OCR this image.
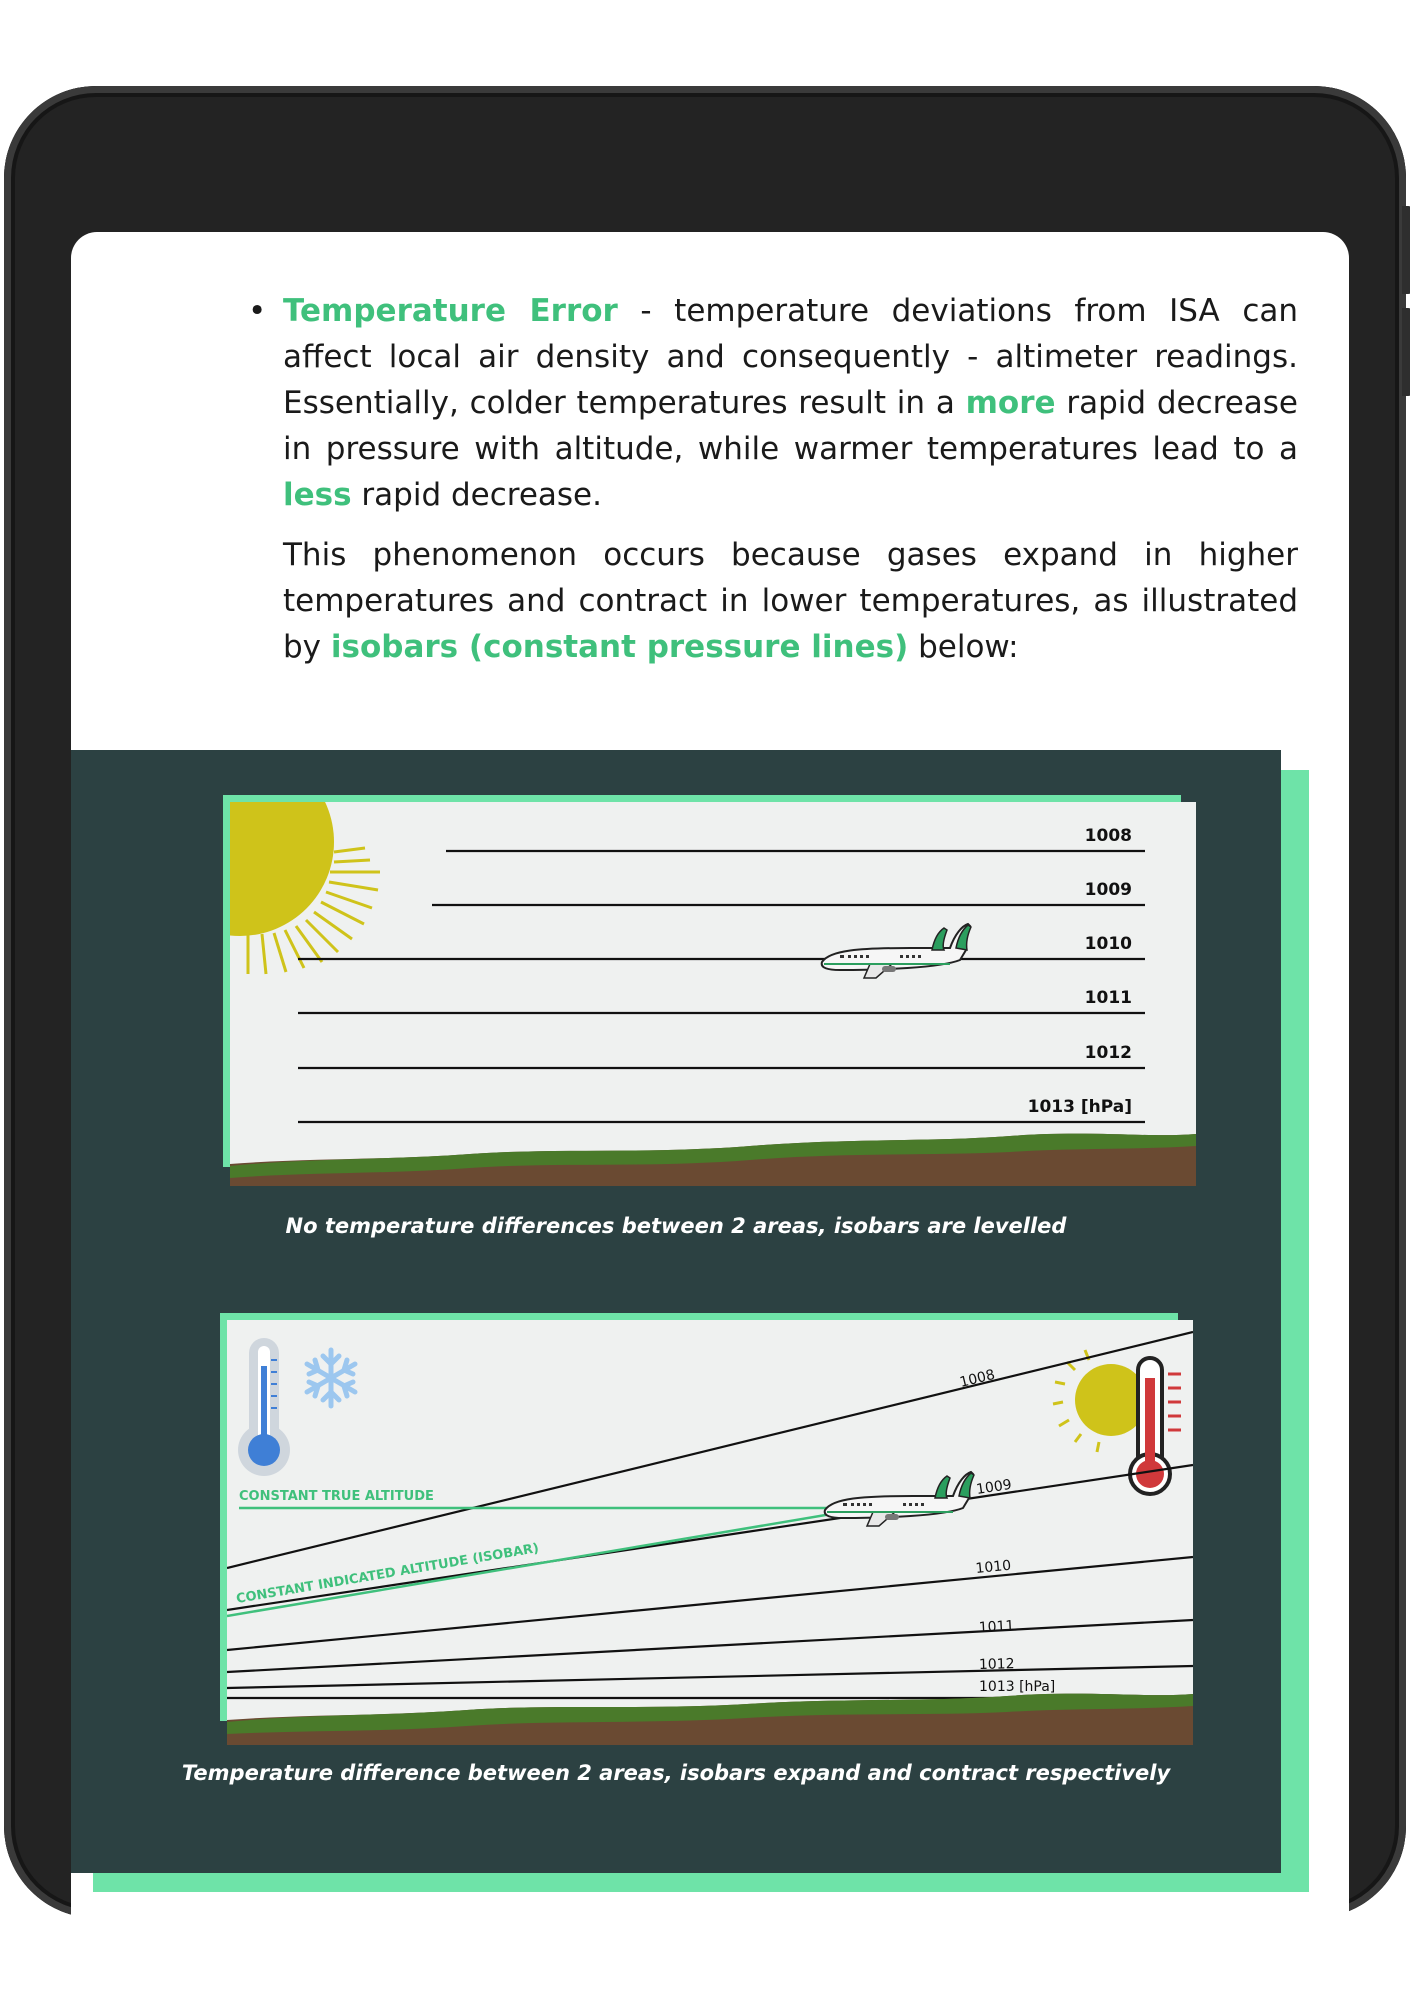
• Temperature Error - temperature deviations from ISA can affect local air density and consequently - altimeter readings. Essentially, colder temperatures result in a more rapid decrease in pressure with altitude, while warmer temperatures lead to a less rapid decrease.

This phenomenon occurs because gases expand in higher temperatures and contract in lower temperatures, as illustrated by isobars (constant pressure lines) below:

1008
1009
1010
1011
1012
1013 [hPa]
No temperature differences between 2 areas, isobars are levelled
1008
1009
1010
1011
1012
1013 [hPa]
CONSTANT TRUE ALTITUDE
CONSTANT INDICATED ALTITUDE (ISOBAR)
Temperature difference between 2 areas, isobars expand and contract respectively
